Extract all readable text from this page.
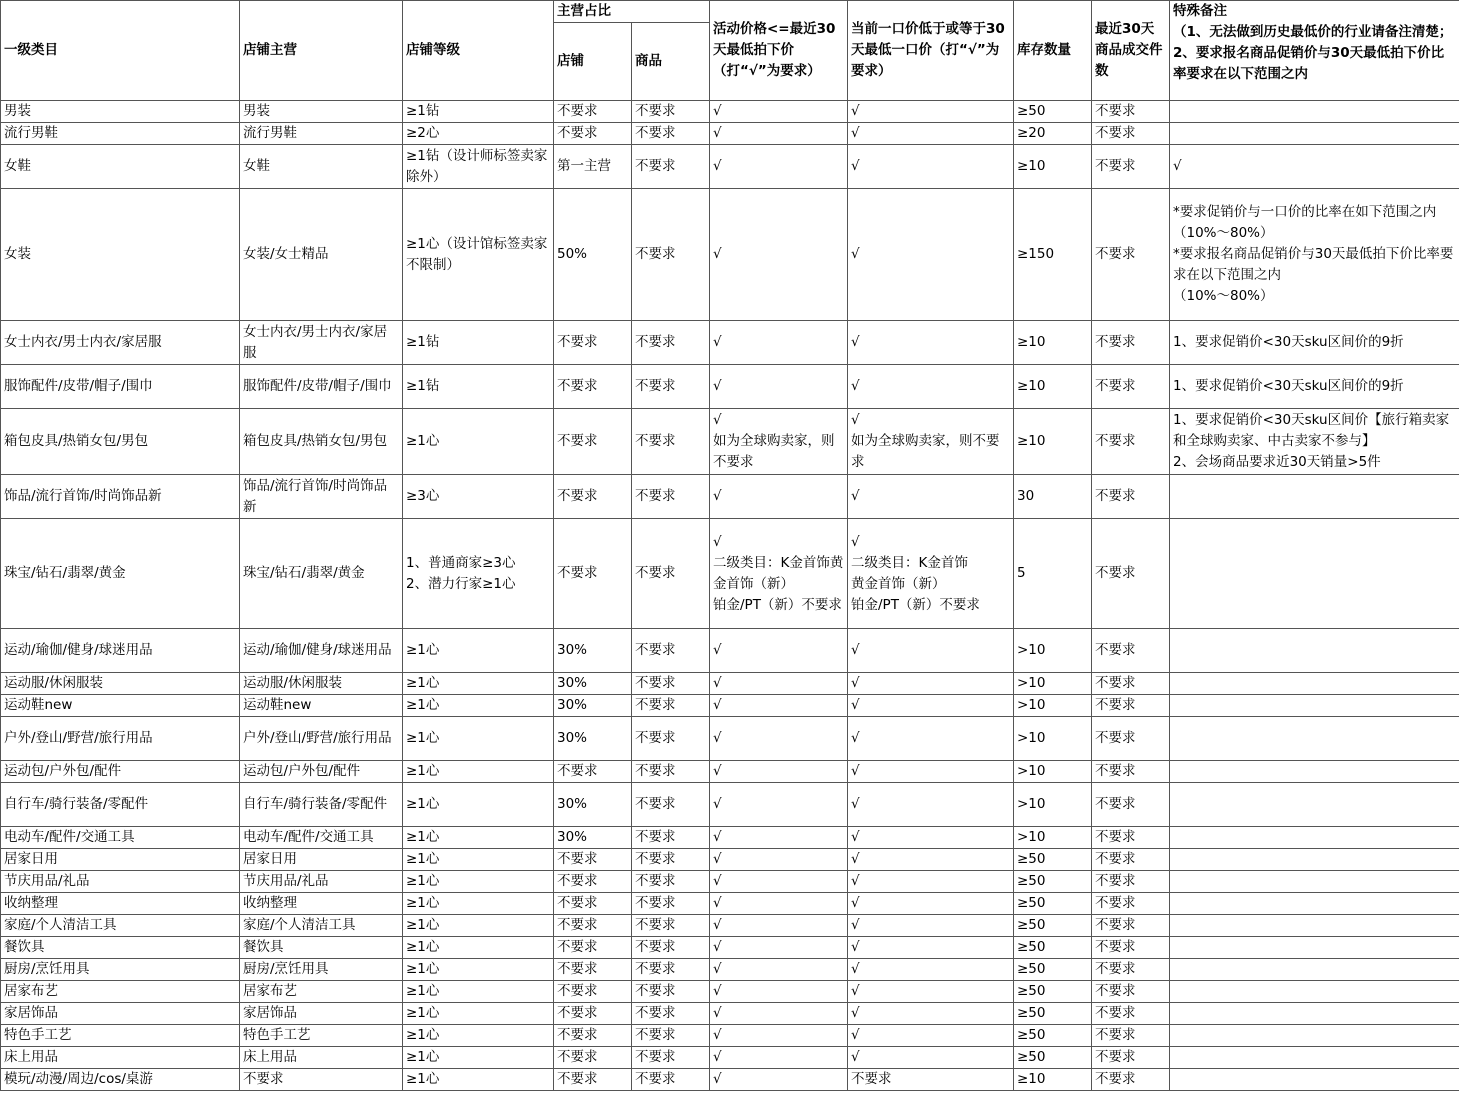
一级类目	店铺主营	店铺等级	主营占比		活动价格<=最近30天最低拍下价（打“√”为要求）	当前一口价低于或等于30天最低一口价（打“√”为要求）	库存数量	最近30天商品成交件数	特殊备注
（1、无法做到历史最低价的行业请备注清楚；
2、要求报名商品促销价与30天最低拍下价比率要求在以下范围之内
			店铺	商品					
男装	男装	≥1钻	不要求	不要求	√	√	≥50	不要求	
流行男鞋	流行男鞋	≥2心	不要求	不要求	√	√	≥20	不要求	
女鞋	女鞋	≥1钻（设计师标签卖家除外）	第一主营	不要求	√	√	≥10	不要求	√
女装	女装/女士精品	≥1心（设计馆标签卖家不限制）	50%	不要求	√	√	≥150	不要求	*要求促销价与一口价的比率在如下范围之内
（10%～80%）
*要求报名商品促销价与30天最低拍下价比率要求在以下范围之内
（10%～80%）
女士内衣/男士内衣/家居服	女士内衣/男士内衣/家居服	≥1钻	不要求	不要求	√	√	≥10	不要求	1、要求促销价<30天sku区间价的9折
服饰配件/皮带/帽子/围巾	服饰配件/皮带/帽子/围巾	≥1钻	不要求	不要求	√	√	≥10	不要求	1、要求促销价<30天sku区间价的9折
箱包皮具/热销女包/男包	箱包皮具/热销女包/男包	≥1心	不要求	不要求	√
如为全球购卖家，则不要求	√
如为全球购卖家，则不要求	≥10	不要求	1、要求促销价<30天sku区间价【旅行箱卖家和全球购卖家、中古卖家不参与】
2、会场商品要求近30天销量>5件
饰品/流行首饰/时尚饰品新	饰品/流行首饰/时尚饰品新	≥3心	不要求	不要求	√	√	30	不要求	
珠宝/钻石/翡翠/黄金	珠宝/钻石/翡翠/黄金	1、普通商家≥3心
2、潜力行家≥1心	不要求	不要求	√
二级类目：K金首饰黄金首饰（新）
铂金/PT（新）不要求	√
二级类目：K金首饰
黄金首饰（新）
铂金/PT（新）不要求	5	不要求	
运动/瑜伽/健身/球迷用品	运动/瑜伽/健身/球迷用品	≥1心	30%	不要求	√	√	>10	不要求	
运动服/休闲服装	运动服/休闲服装	≥1心	30%	不要求	√	√	>10	不要求	
运动鞋new	运动鞋new	≥1心	30%	不要求	√	√	>10	不要求	
户外/登山/野营/旅行用品	户外/登山/野营/旅行用品	≥1心	30%	不要求	√	√	>10	不要求	
运动包/户外包/配件	运动包/户外包/配件	≥1心	不要求	不要求	√	√	>10	不要求	
自行车/骑行装备/零配件	自行车/骑行装备/零配件	≥1心	30%	不要求	√	√	>10	不要求	
电动车/配件/交通工具	电动车/配件/交通工具	≥1心	30%	不要求	√	√	>10	不要求	
居家日用	居家日用	≥1心	不要求	不要求	√	√	≥50	不要求	
节庆用品/礼品	节庆用品/礼品	≥1心	不要求	不要求	√	√	≥50	不要求	
收纳整理	收纳整理	≥1心	不要求	不要求	√	√	≥50	不要求	
家庭/个人清洁工具	家庭/个人清洁工具	≥1心	不要求	不要求	√	√	≥50	不要求	
餐饮具	餐饮具	≥1心	不要求	不要求	√	√	≥50	不要求	
厨房/烹饪用具	厨房/烹饪用具	≥1心	不要求	不要求	√	√	≥50	不要求	
居家布艺	居家布艺	≥1心	不要求	不要求	√	√	≥50	不要求	
家居饰品	家居饰品	≥1心	不要求	不要求	√	√	≥50	不要求	
特色手工艺	特色手工艺	≥1心	不要求	不要求	√	√	≥50	不要求	
床上用品	床上用品	≥1心	不要求	不要求	√	√	≥50	不要求	
模玩/动漫/周边/cos/桌游	不要求	≥1心	不要求	不要求	√	不要求	≥10	不要求	
